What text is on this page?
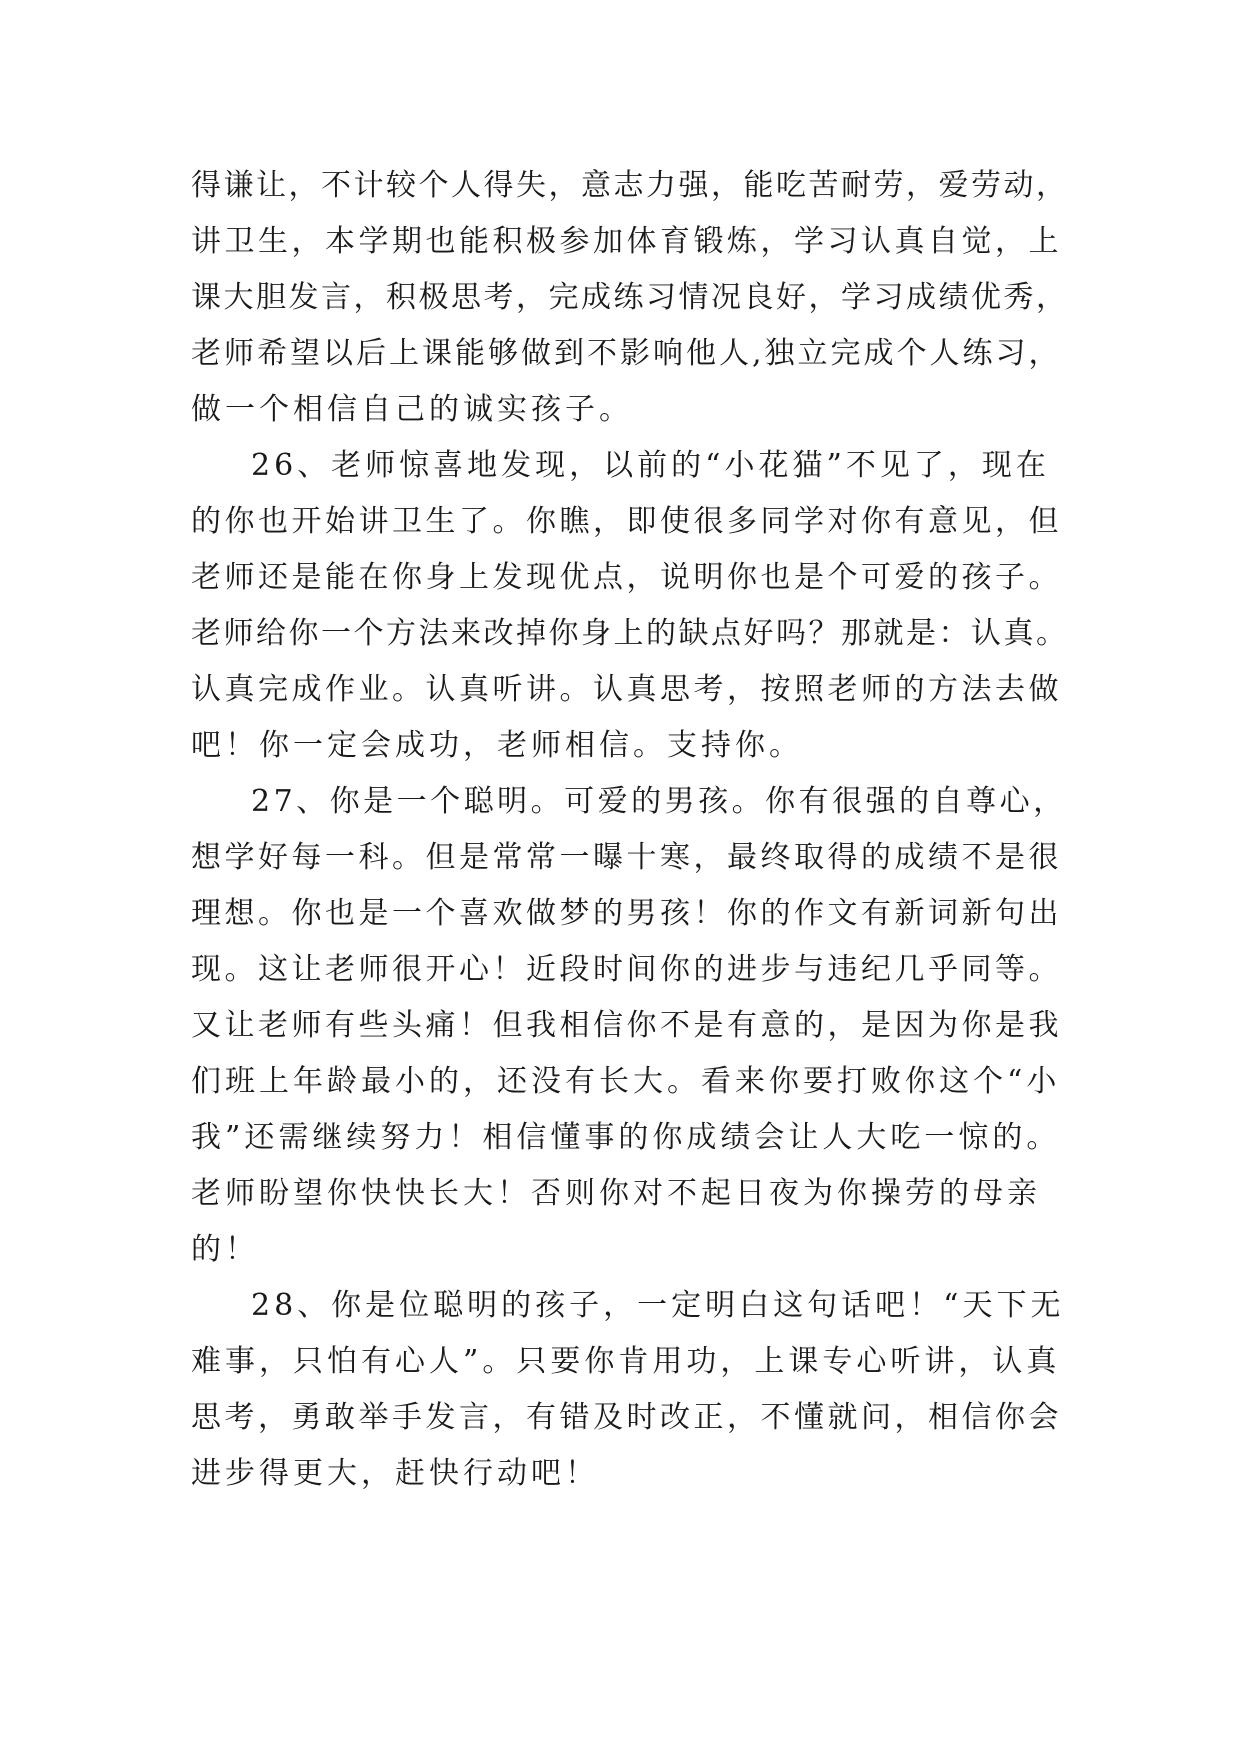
得谦让，不计较个人得失，意志力强，能吃苦耐劳，爱劳动，
讲卫生，本学期也能积极参加体育锻炼，学习认真自觉，上
课大胆发言，积极思考，完成练习情况良好，学习成绩优秀，
老师希望以后上课能够做到不影响他人,独立完成个人练习，
做一个相信自己的诚实孩子。
26、老师惊喜地发现，以前的“小花猫”不见了，现在
的你也开始讲卫生了。你瞧，即使很多同学对你有意见，但
老师还是能在你身上发现优点，说明你也是个可爱的孩子。
老师给你一个方法来改掉你身上的缺点好吗？那就是：认真。
认真完成作业。认真听讲。认真思考，按照老师的方法去做
吧！你一定会成功，老师相信。支持你。
27、你是一个聪明。可爱的男孩。你有很强的自尊心，
想学好每一科。但是常常一曝十寒，最终取得的成绩不是很
理想。你也是一个喜欢做梦的男孩！你的作文有新词新句出
现。这让老师很开心！近段时间你的进步与违纪几乎同等。
又让老师有些头痛！但我相信你不是有意的，是因为你是我
们班上年龄最小的，还没有长大。看来你要打败你这个“小
我”还需继续努力！相信懂事的你成绩会让人大吃一惊的。
老师盼望你快快长大！否则你对不起日夜为你操劳的母亲
的！
28、你是位聪明的孩子，一定明白这句话吧！“天下无
难事，只怕有心人”。只要你肯用功，上课专心听讲，认真
思考，勇敢举手发言，有错及时改正，不懂就问，相信你会
进步得更大，赶快行动吧！
